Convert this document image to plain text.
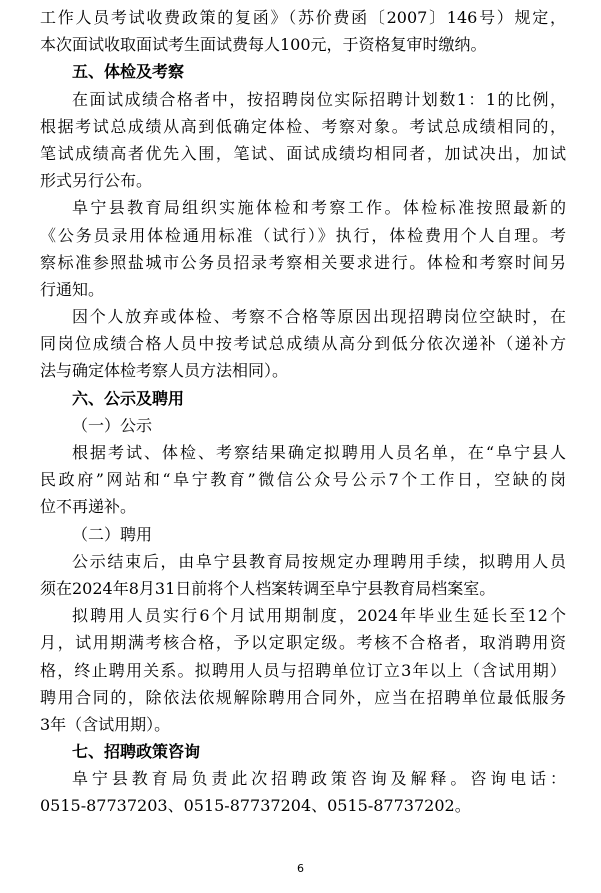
工作人员考试收费政策的复函》（苏价费函〔2007〕146号）规定，
本次面试收取面试考生面试费每人100元，于资格复审时缴纳。
五、体检及考察
在面试成绩合格者中，按招聘岗位实际招聘计划数1：1的比例，
根据考试总成绩从高到低确定体检、考察对象。考试总成绩相同的，
笔试成绩高者优先入围，笔试、面试成绩均相同者，加试决出，加试
形式另行公布。
阜宁县教育局组织实施体检和考察工作。体检标准按照最新的
《公务员录用体检通用标准（试行）》执行，体检费用个人自理。考
察标准参照盐城市公务员招录考察相关要求进行。体检和考察时间另
行通知。
因个人放弃或体检、考察不合格等原因出现招聘岗位空缺时，在
同岗位成绩合格人员中按考试总成绩从高分到低分依次递补（递补方
法与确定体检考察人员方法相同）。
六、公示及聘用
（一）公示
根据考试、体检、考察结果确定拟聘用人员名单，在“阜宁县人
民政府”网站和“阜宁教育”微信公众号公示7个工作日，空缺的岗
位不再递补。
（二）聘用
公示结束后，由阜宁县教育局按规定办理聘用手续，拟聘用人员
须在2024年8月31日前将个人档案转调至阜宁县教育局档案室。
拟聘用人员实行6个月试用期制度，2024年毕业生延长至12个
月，试用期满考核合格，予以定职定级。考核不合格者，取消聘用资
格，终止聘用关系。拟聘用人员与招聘单位订立3年以上（含试用期）
聘用合同的，除依法依规解除聘用合同外，应当在招聘单位最低服务
3年（含试用期）。
七、招聘政策咨询
阜宁县教育局负责此次招聘政策咨询及解释。咨询电话：
0515-87737203、0515-87737204、0515-87737202。
6
